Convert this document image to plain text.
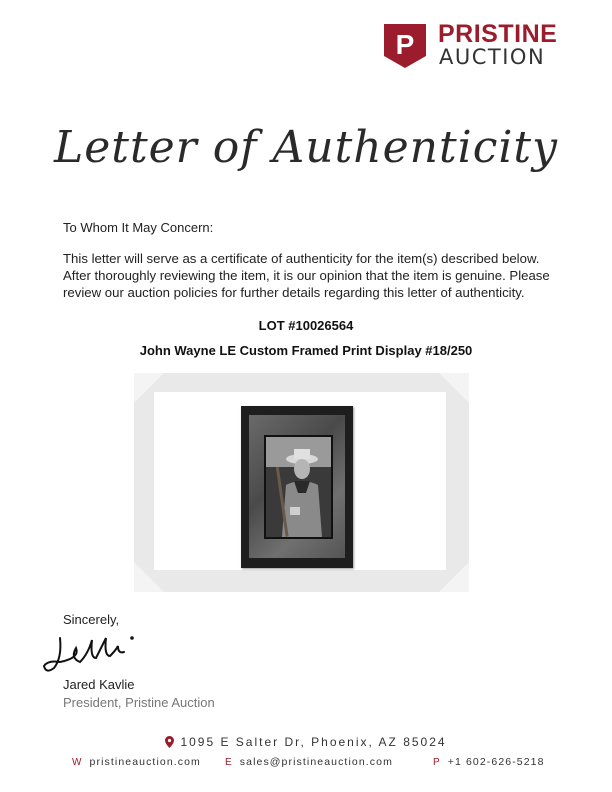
P PRISTINE
AUCTION
Letter of Authenticity
To Whom It May Concern:
This letter will serve as a certificate of authenticity for the item(s) described below. After thoroughly reviewing the item, it is our opinion that the item is genuine. Please review our auction policies for further details regarding this letter of authenticity.
LOT #10026564
John Wayne LE Custom Framed Print Display #18/250
Sincerely,
Jared Kavlie
President, Pristine Auction
1095 E Salter Dr, Phoenix, AZ 85024
W pristineauction.com E sales@pristineauction.com	P +1 602-626-5218
